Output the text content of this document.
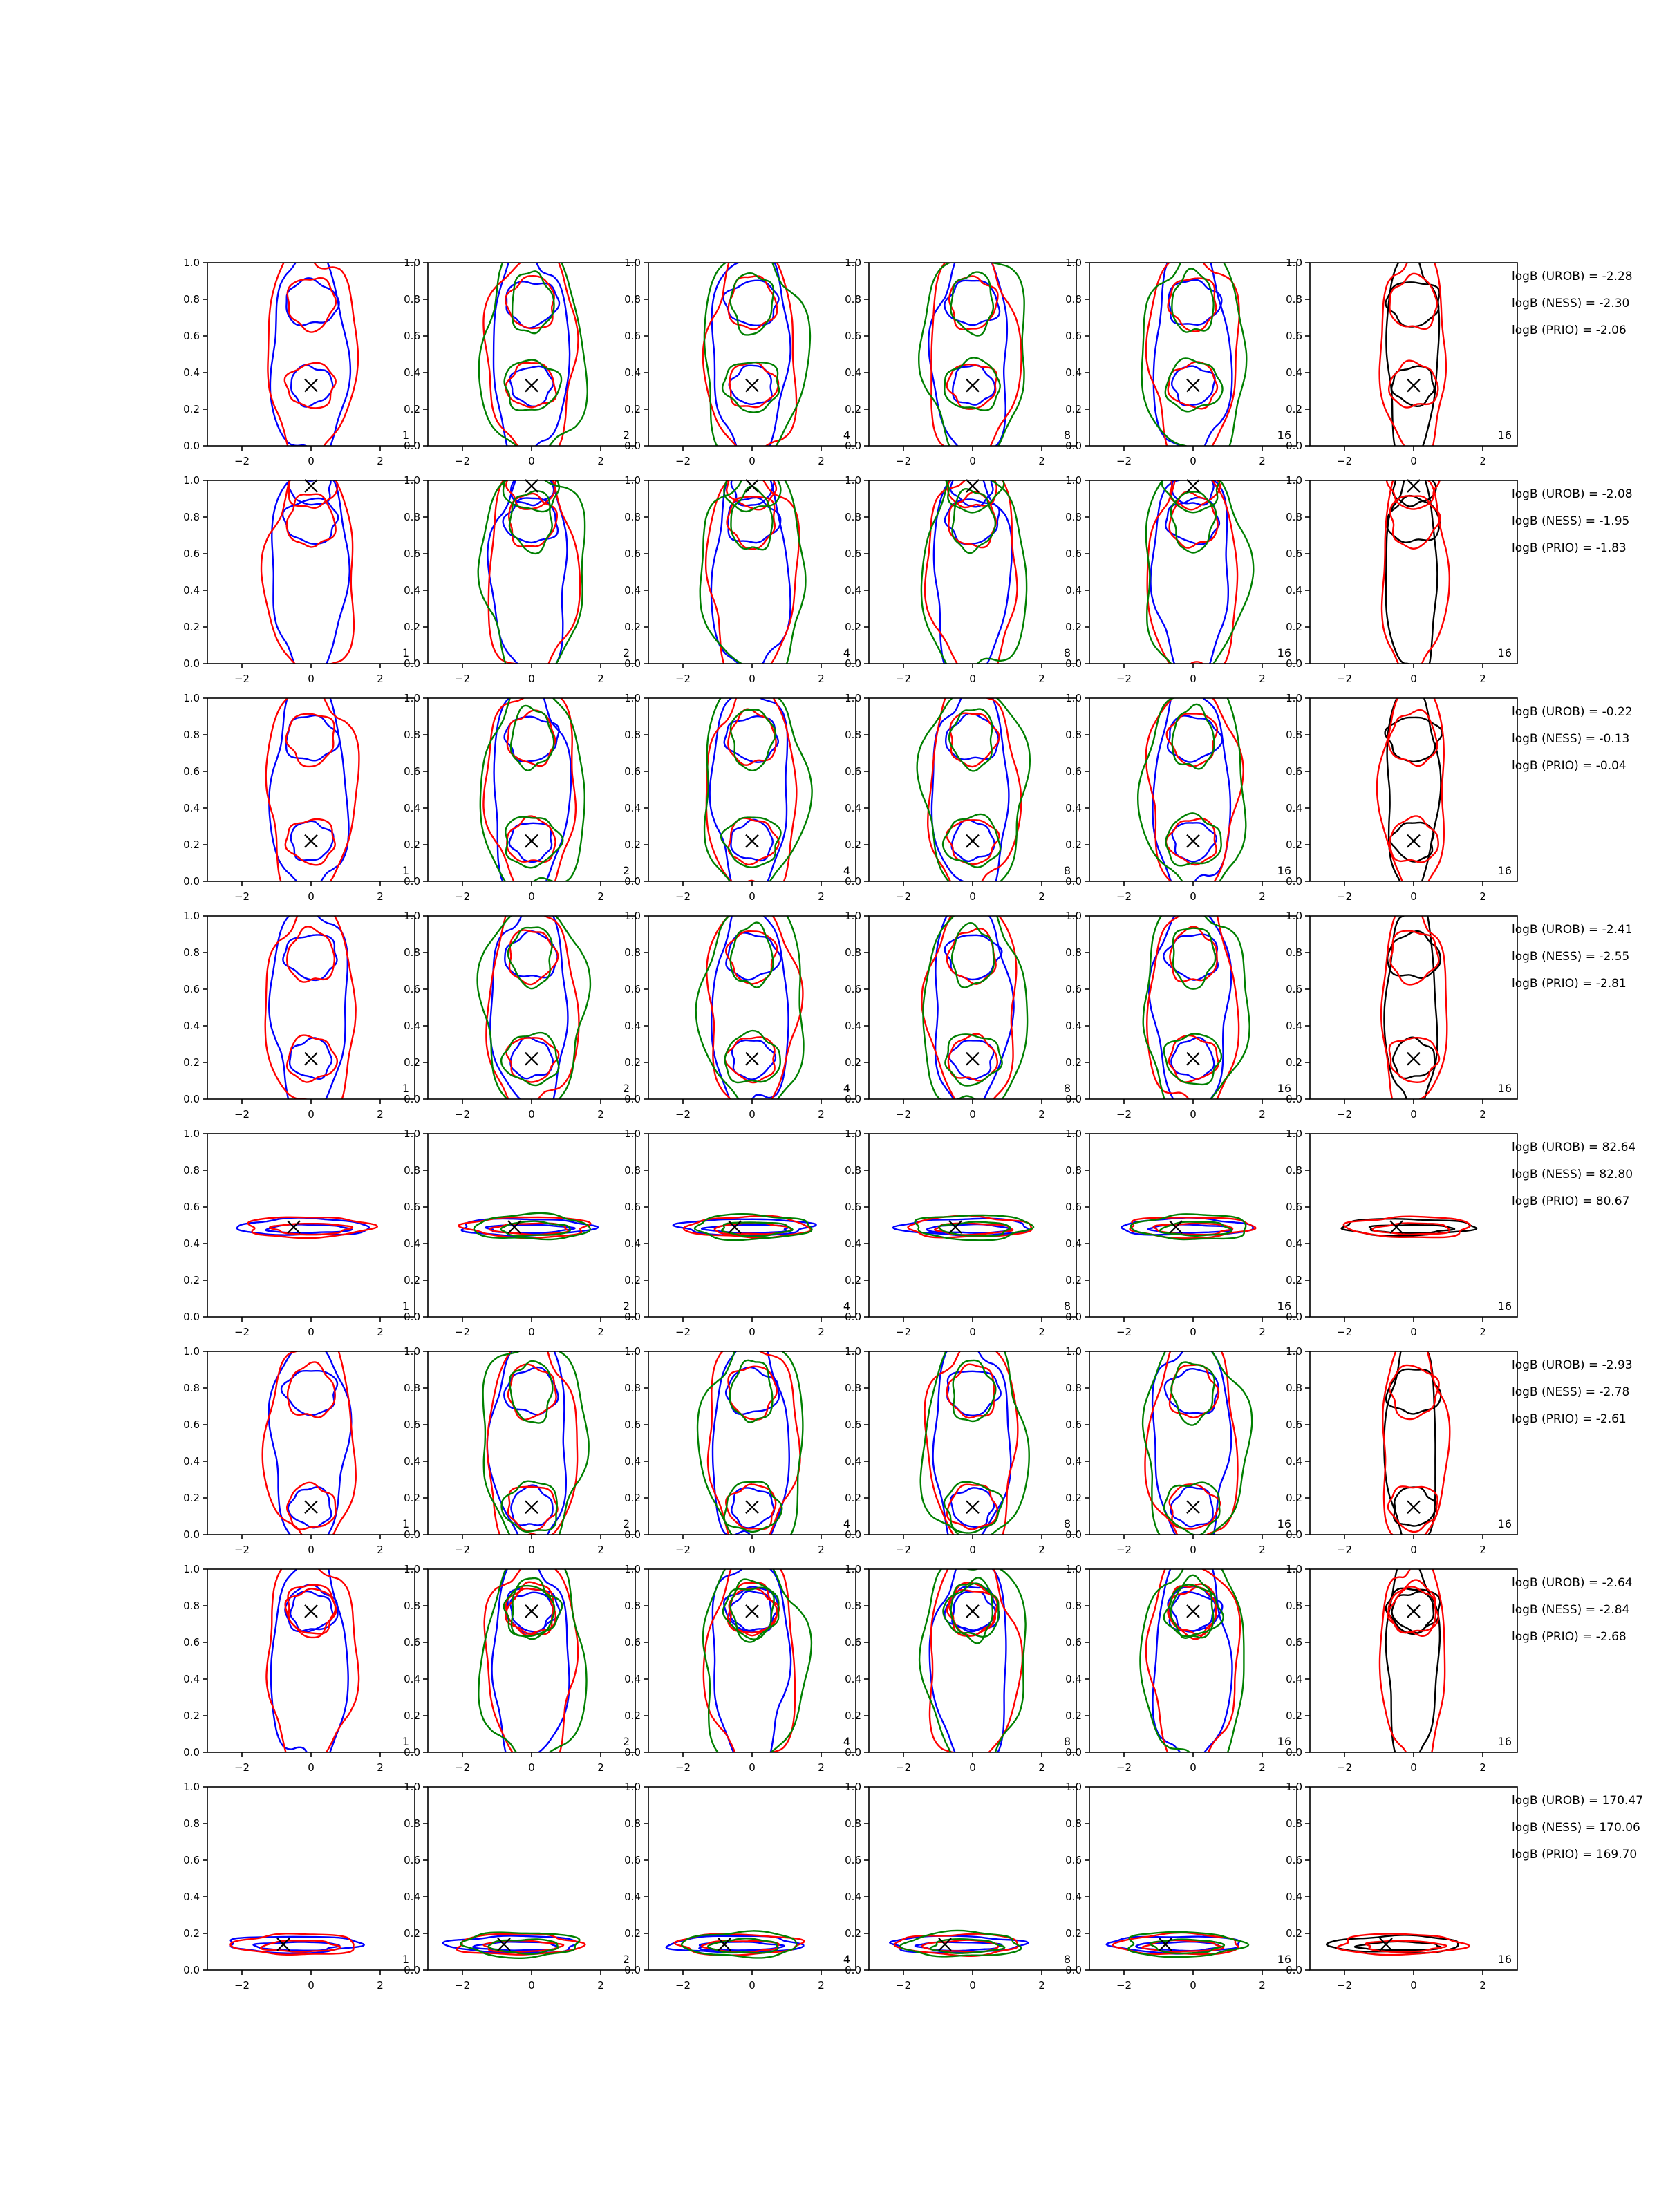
−2	0	2
0.0
0.2
0.4
0.6
0.8
1.0
1
−2	0	2
0.0
0.2
0.4
0.6
0.8
1.0
2
−2	0	2
0.0
0.2
0.4
0.6
0.8
1.0
4
−2	0	2
0.0
0.2
0.4
0.6
0.8
1.0
8
−2	0	2
0.0
0.2
0.4
0.6
0.8
1.0
16
−2	0	2
0.0
0.2
0.4
0.6
0.8
1.0
16
logB (UROB) = -2.28
logB (NESS) = -2.30
logB (PRIO) = -2.06
−2	0	2
0.0
0.2
0.4
0.6
0.8
1.0
1
−2	0	2
0.0
0.2
0.4
0.6
0.8
1.0
2
−2	0	2
0.0
0.2
0.4
0.6
0.8
1.0
4
−2	0	2
0.0
0.2
0.4
0.6
0.8
1.0
8
−2	0	2
0.0
0.2
0.4
0.6
0.8
1.0
16
−2	0	2
0.0
0.2
0.4
0.6
0.8
1.0
16
logB (UROB) = -2.08
logB (NESS) = -1.95
logB (PRIO) = -1.83
−2	0	2
0.0
0.2
0.4
0.6
0.8
1.0
1
−2	0	2
0.0
0.2
0.4
0.6
0.8
1.0
2
−2	0	2
0.0
0.2
0.4
0.6
0.8
1.0
4
−2	0	2
0.0
0.2
0.4
0.6
0.8
1.0
8
−2	0	2
0.0
0.2
0.4
0.6
0.8
1.0
16
−2	0	2
0.0
0.2
0.4
0.6
0.8
1.0
16
logB (UROB) = -0.22
logB (NESS) = -0.13
logB (PRIO) = -0.04
−2	0	2
0.0
0.2
0.4
0.6
0.8
1.0
1
−2	0	2
0.0
0.2
0.4
0.6
0.8
1.0
2
−2	0	2
0.0
0.2
0.4
0.6
0.8
1.0
4
−2	0	2
0.0
0.2
0.4
0.6
0.8
1.0
8
−2	0	2
0.0
0.2
0.4
0.6
0.8
1.0
16
−2	0	2
0.0
0.2
0.4
0.6
0.8
1.0
16
logB (UROB) = -2.41
logB (NESS) = -2.55
logB (PRIO) = -2.81
−2	0	2
0.0
0.2
0.4
0.6
0.8
1.0
1
−2	0	2
0.0
0.2
0.4
0.6
0.8
1.0
2
−2	0	2
0.0
0.2
0.4
0.6
0.8
1.0
4
−2	0	2
0.0
0.2
0.4
0.6
0.8
1.0
8
−2	0	2
0.0
0.2
0.4
0.6
0.8
1.0
16
−2	0	2
0.0
0.2
0.4
0.6
0.8
1.0
16
logB (UROB) = 82.64
logB (NESS) = 82.80
logB (PRIO) = 80.67
−2	0	2
0.0
0.2
0.4
0.6
0.8
1.0
1
−2	0	2
0.0
0.2
0.4
0.6
0.8
1.0
2
−2	0	2
0.0
0.2
0.4
0.6
0.8
1.0
4
−2	0	2
0.0
0.2
0.4
0.6
0.8
1.0
8
−2	0	2
0.0
0.2
0.4
0.6
0.8
1.0
16
−2	0	2
0.0
0.2
0.4
0.6
0.8
1.0
16
logB (UROB) = -2.93
logB (NESS) = -2.78
logB (PRIO) = -2.61
−2	0	2
0.0
0.2
0.4
0.6
0.8
1.0
1
−2	0	2
0.0
0.2
0.4
0.6
0.8
1.0
2
−2	0	2
0.0
0.2
0.4
0.6
0.8
1.0
4
−2	0	2
0.0
0.2
0.4
0.6
0.8
1.0
8
−2	0	2
0.0
0.2
0.4
0.6
0.8
1.0
16
−2	0	2
0.0
0.2
0.4
0.6
0.8
1.0
16
logB (UROB) = -2.64
logB (NESS) = -2.84
logB (PRIO) = -2.68
−2	0	2
0.0
0.2
0.4
0.6
0.8
1.0
1
−2	0	2
0.0
0.2
0.4
0.6
0.8
1.0
2
−2	0	2
0.0
0.2
0.4
0.6
0.8
1.0
4
−2	0	2
0.0
0.2
0.4
0.6
0.8
1.0
8
−2	0	2
0.0
0.2
0.4
0.6
0.8
1.0
16
−2	0	2
0.0
0.2
0.4
0.6
0.8
1.0
16
logB (UROB) = 170.47
logB (NESS) = 170.06
logB (PRIO) = 169.70
